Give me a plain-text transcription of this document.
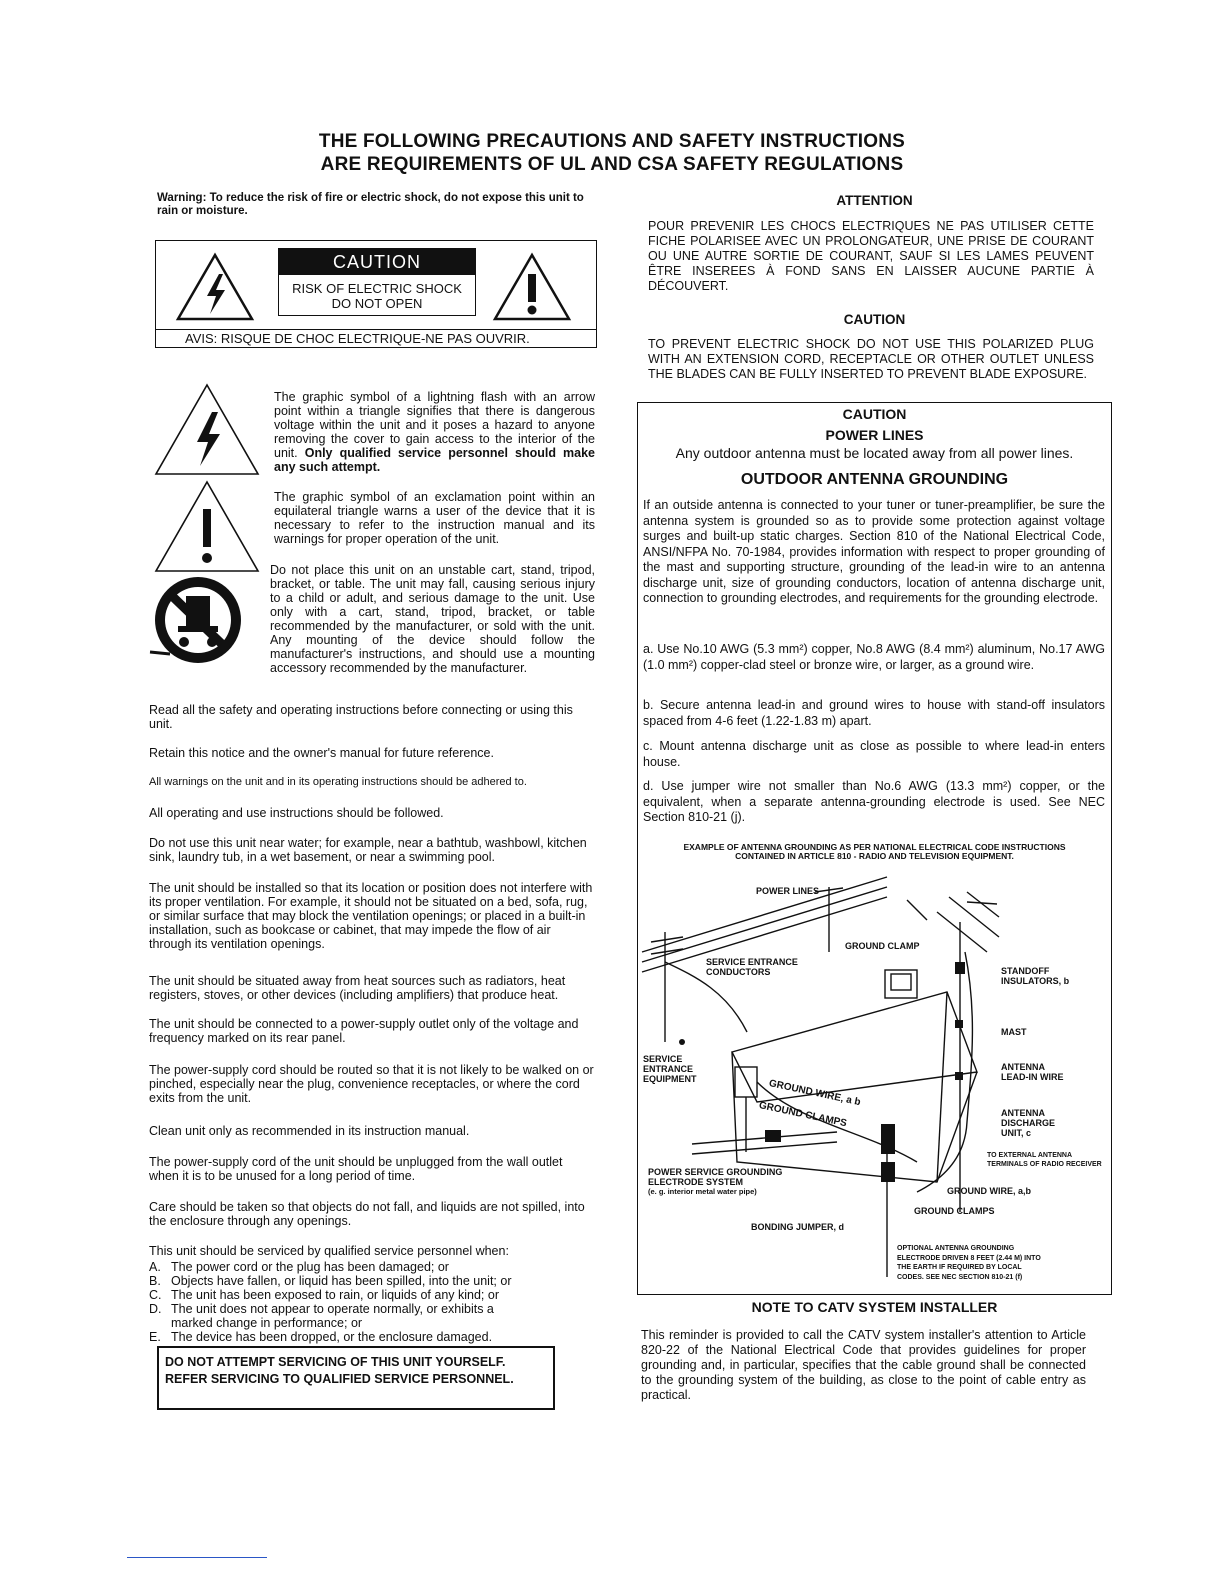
THE FOLLOWING PRECAUTIONS AND SAFETY INSTRUCTIONS
ARE REQUIREMENTS OF UL AND CSA SAFETY REGULATIONS
Warning: To reduce the risk of fire or electric shock, do not expose this unit to rain or moisture.
CAUTION
RISK OF ELECTRIC SHOCK
DO NOT OPEN
AVIS: RISQUE DE CHOC ELECTRIQUE-NE PAS OUVRIR.
The graphic symbol of a lightning flash with an arrow point within a triangle signifies that there is dangerous voltage within the unit and it poses a hazard to anyone removing the cover to gain access to the interior of the unit. Only qualified service personnel should make any such attempt.
The graphic symbol of an exclamation point within an equilateral triangle warns a user of the device that it is necessary to refer to the instruction manual and its warnings for proper operation of the unit.
Do not place this unit on an unstable cart, stand, tripod, bracket, or table. The unit may fall, causing serious injury to a child or adult, and serious damage to the unit. Use only with a cart, stand, tripod, bracket, or table recommended by the manufacturer, or sold with the unit. Any mounting of the device should follow the manufacturer's instructions, and should use a mounting accessory recommended by the manufacturer.
Read all the safety and operating instructions before connecting or using this unit.
Retain this notice and the owner's manual for future reference.
All warnings on the unit and in its operating instructions should be adhered to.
All operating and use instructions should be followed.
Do not use this unit near water; for example, near a bathtub, washbowl, kitchen sink, laundry tub, in a wet basement, or near a swimming pool.
The unit should be installed so that its location or position does not interfere with its proper ventilation. For example, it should not be situated on a bed, sofa, rug, or similar surface that may block the ventilation openings; or placed in a built-in installation, such as bookcase or cabinet, that may impede the flow of air through its ventilation openings.
The unit should be situated away from heat sources such as radiators, heat registers, stoves, or other devices (including amplifiers) that produce heat.
The unit should be connected to a power-supply outlet only of the voltage and frequency marked on its rear panel.
The power-supply cord should be routed so that it is not likely to be walked on or pinched, especially near the plug, convenience receptacles, or where the cord exits from the unit.
Clean unit only as recommended in its instruction manual.
The power-supply cord of the unit should be unplugged from the wall outlet when it is to be unused for a long period of time.
Care should be taken so that objects do not fall, and liquids are not spilled, into the enclosure through any openings.
This unit should be serviced by qualified service personnel when:
A. The power cord or the plug has been damaged; or
B. Objects have fallen, or liquid has been spilled, into the unit; or
C. The unit has been exposed to rain, or liquids of any kind; or
D. The unit does not appear to operate normally, or exhibits a marked change in performance; or
E. The device has been dropped, or the enclosure damaged.
DO NOT ATTEMPT SERVICING OF THIS UNIT YOURSELF.
REFER SERVICING TO QUALIFIED SERVICE PERSONNEL.
ATTENTION
POUR PREVENIR LES CHOCS ELECTRIQUES NE PAS UTILISER CETTE FICHE POLARISEE AVEC UN PROLONGATEUR, UNE PRISE DE COURANT OU UNE AUTRE SORTIE DE COURANT, SAUF SI LES LAMES PEUVENT ÊTRE INSEREES À FOND SANS EN LAISSER AUCUNE PARTIE À DÉCOUVERT.
CAUTION
TO PREVENT ELECTRIC SHOCK DO NOT USE THIS POLARIZED PLUG WITH AN EXTENSION CORD, RECEPTACLE OR OTHER OUTLET UNLESS THE BLADES CAN BE FULLY INSERTED TO PREVENT BLADE EXPOSURE.
CAUTION
POWER LINES
Any outdoor antenna must be located away from all power lines.
OUTDOOR ANTENNA GROUNDING
If an outside antenna is connected to your tuner or tuner-preamplifier, be sure the antenna system is grounded so as to provide some protection against voltage surges and built-up static charges. Section 810 of the National Electrical Code, ANSI/NFPA No. 70-1984, provides information with respect to proper grounding of the mast and supporting structure, grounding of the lead-in wire to an antenna discharge unit, size of grounding conductors, location of antenna discharge unit, connection to grounding electrodes, and requirements for the grounding electrode.
a. Use No.10 AWG (5.3 mm²) copper, No.8 AWG (8.4 mm²) aluminum, No.17 AWG (1.0 mm²) copper-clad steel or bronze wire, or larger, as a ground wire.
b. Secure antenna lead-in and ground wires to house with stand-off insulators spaced from 4-6 feet (1.22-1.83 m) apart.
c. Mount antenna discharge unit as close as possible to where lead-in enters house.
d. Use jumper wire not smaller than No.6 AWG (13.3 mm²) copper, or the equivalent, when a separate antenna-grounding electrode is used. See NEC Section 810-21 (j).
EXAMPLE OF ANTENNA GROUNDING AS PER NATIONAL ELECTRICAL CODE INSTRUCTIONS
CONTAINED IN ARTICLE 810 - RADIO AND TELEVISION EQUIPMENT.
POWER LINES
GROUND CLAMP
SERVICE ENTRANCE
CONDUCTORS	STANDOFF
INSULATORS, b
MAST
SERVICE
ENTRANCE
EQUIPMENT
ANTENNA
LEAD-IN WIRE
GROUND WIRE, a b
GROUND CLAMPS	ANTENNA
DISCHARGE
UNIT, c
TO EXTERNAL ANTENNA
TERMINALS OF RADIO RECEIVER
POWER SERVICE GROUNDING
ELECTRODE SYSTEM
(e. g. interior metal water pipe)	GROUND WIRE, a,b
GROUND CLAMPS
BONDING JUMPER, d
OPTIONAL ANTENNA GROUNDING
ELECTRODE DRIVEN 8 FEET (2.44 M) INTO
THE EARTH IF REQUIRED BY LOCAL
CODES. SEE NEC SECTION 810-21 (f)
NOTE TO CATV SYSTEM INSTALLER
This reminder is provided to call the CATV system installer's attention to Article 820-22 of the National Electrical Code that provides guidelines for proper grounding and, in particular, specifies that the cable ground shall be connected to the grounding system of the building, as close to the point of cable entry as practical.
